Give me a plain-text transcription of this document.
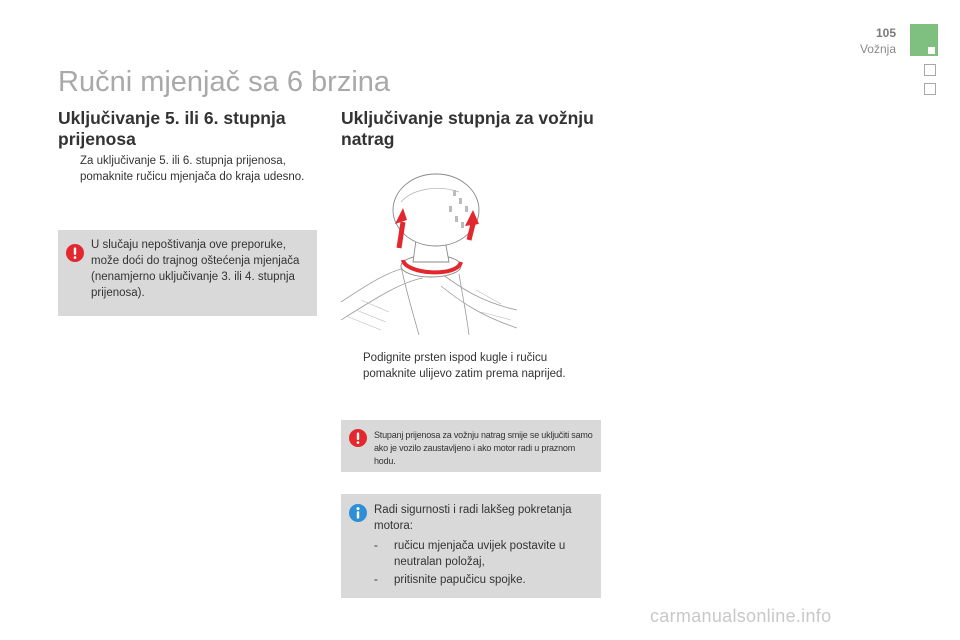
105
Vožnja
Ručni mjenjač sa 6 brzina
Uključivanje 5. ili 6. stupnja prijenosa
Za uključivanje 5. ili 6. stupnja prijenosa, pomaknite ručicu mjenjača do kraja udesno.
U slučaju nepoštivanja ove preporuke, može doći do trajnog oštećenja mjenjača (nenamjerno uključivanje 3. ili 4. stupnja prijenosa).
Uključivanje stupnja za vožnju natrag
Podignite prsten ispod kugle i ručicu pomaknite ulijevo zatim prema naprijed.
Stupanj prijenosa za vožnju natrag smije se uključiti samo ako je vozilo zaustavljeno i ako motor radi u praznom hodu.
Radi sigurnosti i radi lakšeg pokretanja motora:
-	ručicu mjenjača uvijek postavite u neutralan položaj,
-	pritisnite papučicu spojke.
carmanualsonline.info
